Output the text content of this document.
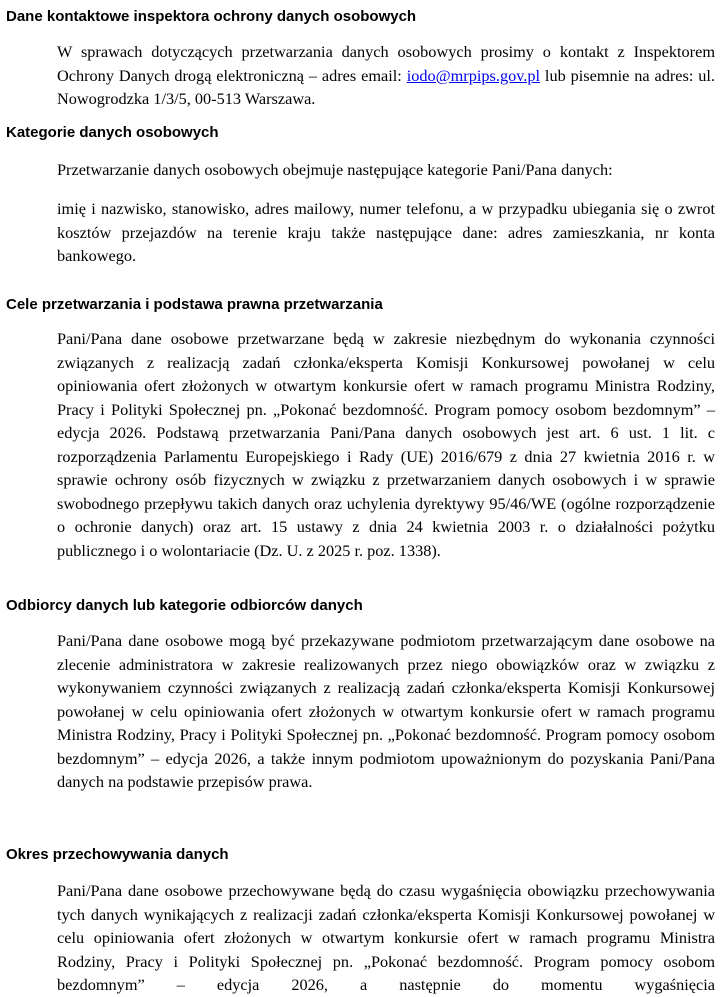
Dane kontaktowe inspektora ochrony danych osobowych
W sprawach dotyczących przetwarzania danych osobowych prosimy o kontakt z Inspektorem Ochrony Danych drogą elektroniczną – adres email: iodo@mrpips.gov.pl lub pisemnie na adres: ul. Nowogrodzka 1/3/5, 00-513 Warszawa.
Kategorie danych osobowych
Przetwarzanie danych osobowych obejmuje następujące kategorie Pani/Pana danych:
imię i nazwisko, stanowisko, adres mailowy, numer telefonu, a w przypadku ubiegania się o zwrot kosztów przejazdów na terenie kraju także następujące dane: adres zamieszkania, nr konta bankowego.
Cele przetwarzania i podstawa prawna przetwarzania
Pani/Pana dane osobowe przetwarzane będą w zakresie niezbędnym do wykonania czynności związanych z realizacją zadań członka/eksperta Komisji Konkursowej powołanej w celu opiniowania ofert złożonych w otwartym konkursie ofert w ramach programu Ministra Rodziny, Pracy i Polityki Społecznej pn. „Pokonać bezdomność. Program pomocy osobom bezdomnym” – edycja 2026. Podstawą przetwarzania Pani/Pana danych osobowych jest art. 6 ust. 1 lit. c rozporządzenia Parlamentu Europejskiego i Rady (UE) 2016/679 z dnia 27 kwietnia 2016 r. w sprawie ochrony osób fizycznych w związku z przetwarzaniem danych osobowych i w sprawie swobodnego przepływu takich danych oraz uchylenia dyrektywy 95/46/WE (ogólne rozporządzenie o ochronie danych) oraz art. 15 ustawy z dnia 24 kwietnia 2003 r. o działalności pożytku publicznego i o wolontariacie (Dz. U. z 2025 r. poz. 1338).
Odbiorcy danych lub kategorie odbiorców danych
Pani/Pana dane osobowe mogą być przekazywane podmiotom przetwarzającym dane osobowe na zlecenie administratora w zakresie realizowanych przez niego obowiązków oraz w związku z wykonywaniem czynności związanych z realizacją zadań członka/eksperta Komisji Konkursowej powołanej w celu opiniowania ofert złożonych w otwartym konkursie ofert w ramach programu Ministra Rodziny, Pracy i Polityki Społecznej pn. „Pokonać bezdomność. Program pomocy osobom bezdomnym” – edycja 2026, a także innym podmiotom upoważnionym do pozyskania Pani/Pana danych na podstawie przepisów prawa.
Okres przechowywania danych
Pani/Pana dane osobowe przechowywane będą do czasu wygaśnięcia obowiązku przechowywania tych danych wynikających z realizacji zadań członka/eksperta Komisji Konkursowej powołanej w celu opiniowania ofert złożonych w otwartym konkursie ofert w ramach programu Ministra Rodziny, Pracy i Polityki Społecznej pn. „Pokonać bezdomność. Program pomocy osobom bezdomnym” – edycja 2026, a następnie do momentu wygaśnięcia
